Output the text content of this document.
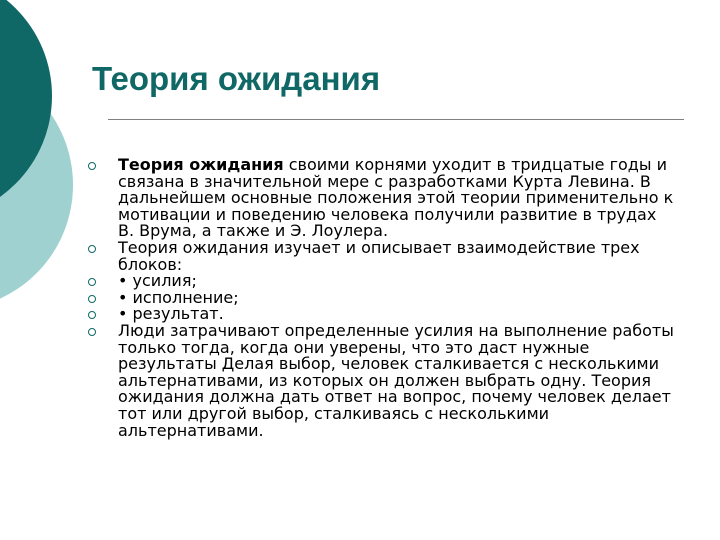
Теория ожидания
Теория ожидания своими корнями уходит в тридцатые годы и связана в значительной мере с разработками Курта Левина. В дальнейшем основные положения этой теории применительно к мотивации и поведению человека получили развитие в трудах В. Врума, а также и Э. Лоулера.
Теория ожидания изучает и описывает взаимодействие трех блоков:
• усилия;
• исполнение;
• результат.
Люди затрачивают определенные усилия на выполнение работы только тогда, когда они уверены, что это даст нужные результаты Делая выбор, человек сталкивается с несколькими альтернативами, из которых он должен выбрать одну. Теория ожидания должна дать ответ на вопрос, почему человек делает тот или другой выбор, сталкиваясь с несколькими альтернативами.
